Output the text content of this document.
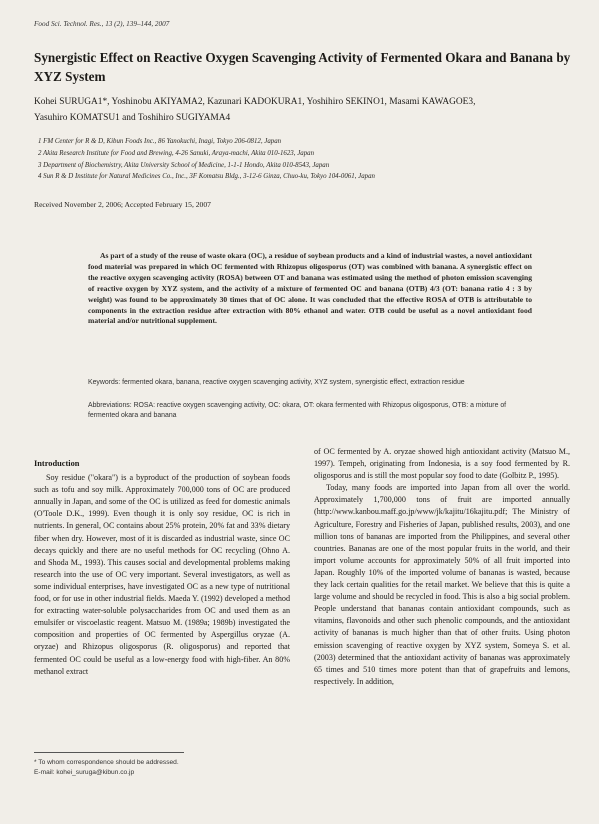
Food Sci. Technol. Res., 13 (2), 139–144, 2007
Synergistic Effect on Reactive Oxygen Scavenging Activity of Fermented Okara and Banana by XYZ System
Kohei SURUGA1*, Yoshinobu AKIYAMA2, Kazunari KADOKURA1, Yoshihiro SEKINO1, Masami KAWAGOE3,
Yasuhiro KOMATSU1 and Toshihiro SUGIYAMA4
1 FM Center for R & D, Kibun Foods Inc., 86 Yanokuchi, Inagi, Tokyo 206-0812, Japan
2 Akita Research Institute for Food and Brewing, 4-26 Sanuki, Araya-machi, Akita 010-1623, Japan
3 Department of Biochemistry, Akita University School of Medicine, 1-1-1 Hondo, Akita 010-8543, Japan
4 Sun R & D Institute for Natural Medicines Co., Inc., 3F Komatsu Bldg., 3-12-6 Ginza, Chuo-ku, Tokyo 104-0061, Japan
Received November 2, 2006; Accepted February 15, 2007

As part of a study of the reuse of waste okara (OC), a residue of soybean products and a kind of industrial wastes, a novel antioxidant food material was prepared in which OC fermented with Rhizopus oligosporus (OT) was combined with banana. A synergistic effect on the reactive oxygen scavenging activity (ROSA) between OT and banana was estimated using the method of photon emission scavenging of reactive oxygen by XYZ system, and the activity of a mixture of fermented OC and banana (OTB) 4/3 (OT: banana ratio 4 : 3 by weight) was found to be approximately 30 times that of OC alone. It was concluded that the effective ROSA of OTB is attributable to components in the extraction residue after extraction with 80% ethanol and water. OTB could be useful as a novel antioxidant food material and/or nutritional supplement.

Keywords: fermented okara, banana, reactive oxygen scavenging activity, XYZ system, synergistic effect, extraction residue
Abbreviations: ROSA: reactive oxygen scavenging activity, OC: okara, OT: okara fermented with Rhizopus oligosporus, OTB: a mixture of fermented okara and banana
Introduction

Soy residue ("okara") is a byproduct of the production of soybean foods such as tofu and soy milk. Approximately 700,000 tons of OC are produced annually in Japan, and some of the OC is utilized as feed for domestic animals (O'Toole D.K., 1999). Even though it is only soy residue, OC is rich in nutrients. In general, OC contains about 25% protein, 20% fat and 33% dietary fiber when dry. However, most of it is discarded as industrial waste, since OC decays quickly and there are no useful methods for OC recycling (Ohno A. and Shoda M., 1993). This causes social and developmental problems making research into the use of OC very important. Several investigators, as well as some individual enterprises, have investigated OC as a new type of nutritional food, or for use in other industrial fields. Maeda Y. (1992) developed a method for extracting water-soluble polysaccharides from OC and used them as an emulsifer or viscoelastic reagent. Matsuo M. (1989a; 1989b) investigated the composition and properties of OC fermented by Aspergillus oryzae (A. oryzae) and Rhizopus oligosporus (R. oligosporus) and reported that fermented OC could be useful as a low-energy food with high-fiber. An 80% methanol extract

of OC fermented by A. oryzae showed high antioxidant activity (Matsuo M., 1997). Tempeh, originating from Indonesia, is a soy food fermented by R. oligosporus and is still the most popular soy food to date (Golbitz P., 1995).

Today, many foods are imported into Japan from all over the world. Approximately 1,700,000 tons of fruit are imported annually (http://www.kanbou.maff.go.jp/www/jk/kajitu/16kajitu.pdf; The Ministry of Agriculture, Forestry and Fisheries of Japan, published results, 2003), and one million tons of bananas are imported from the Philippines, and several other countries. Bananas are one of the most popular fruits in the world, and their import volume accounts for approximately 50% of all fruit imported into Japan. Roughly 10% of the imported volume of bananas is wasted, because they lack certain qualities for the retail market. We believe that this is quite a large volume and should be recycled in food. This is also a big social problem. People understand that bananas contain antioxidant compounds, such as vitamins, flavonoids and other such phenolic compounds, and the antioxidant activity of bananas is much higher than that of other fruits. Using photon emission scavenging of reactive oxygen by XYZ system, Someya S. et al. (2003) determined that the antioxidant activity of bananas was approximately 65 times and 510 times more potent than that of grapefruits and lemons, respectively. In addition,

* To whom correspondence should be addressed.
E-mail: kohei_suruga@kibun.co.jp
